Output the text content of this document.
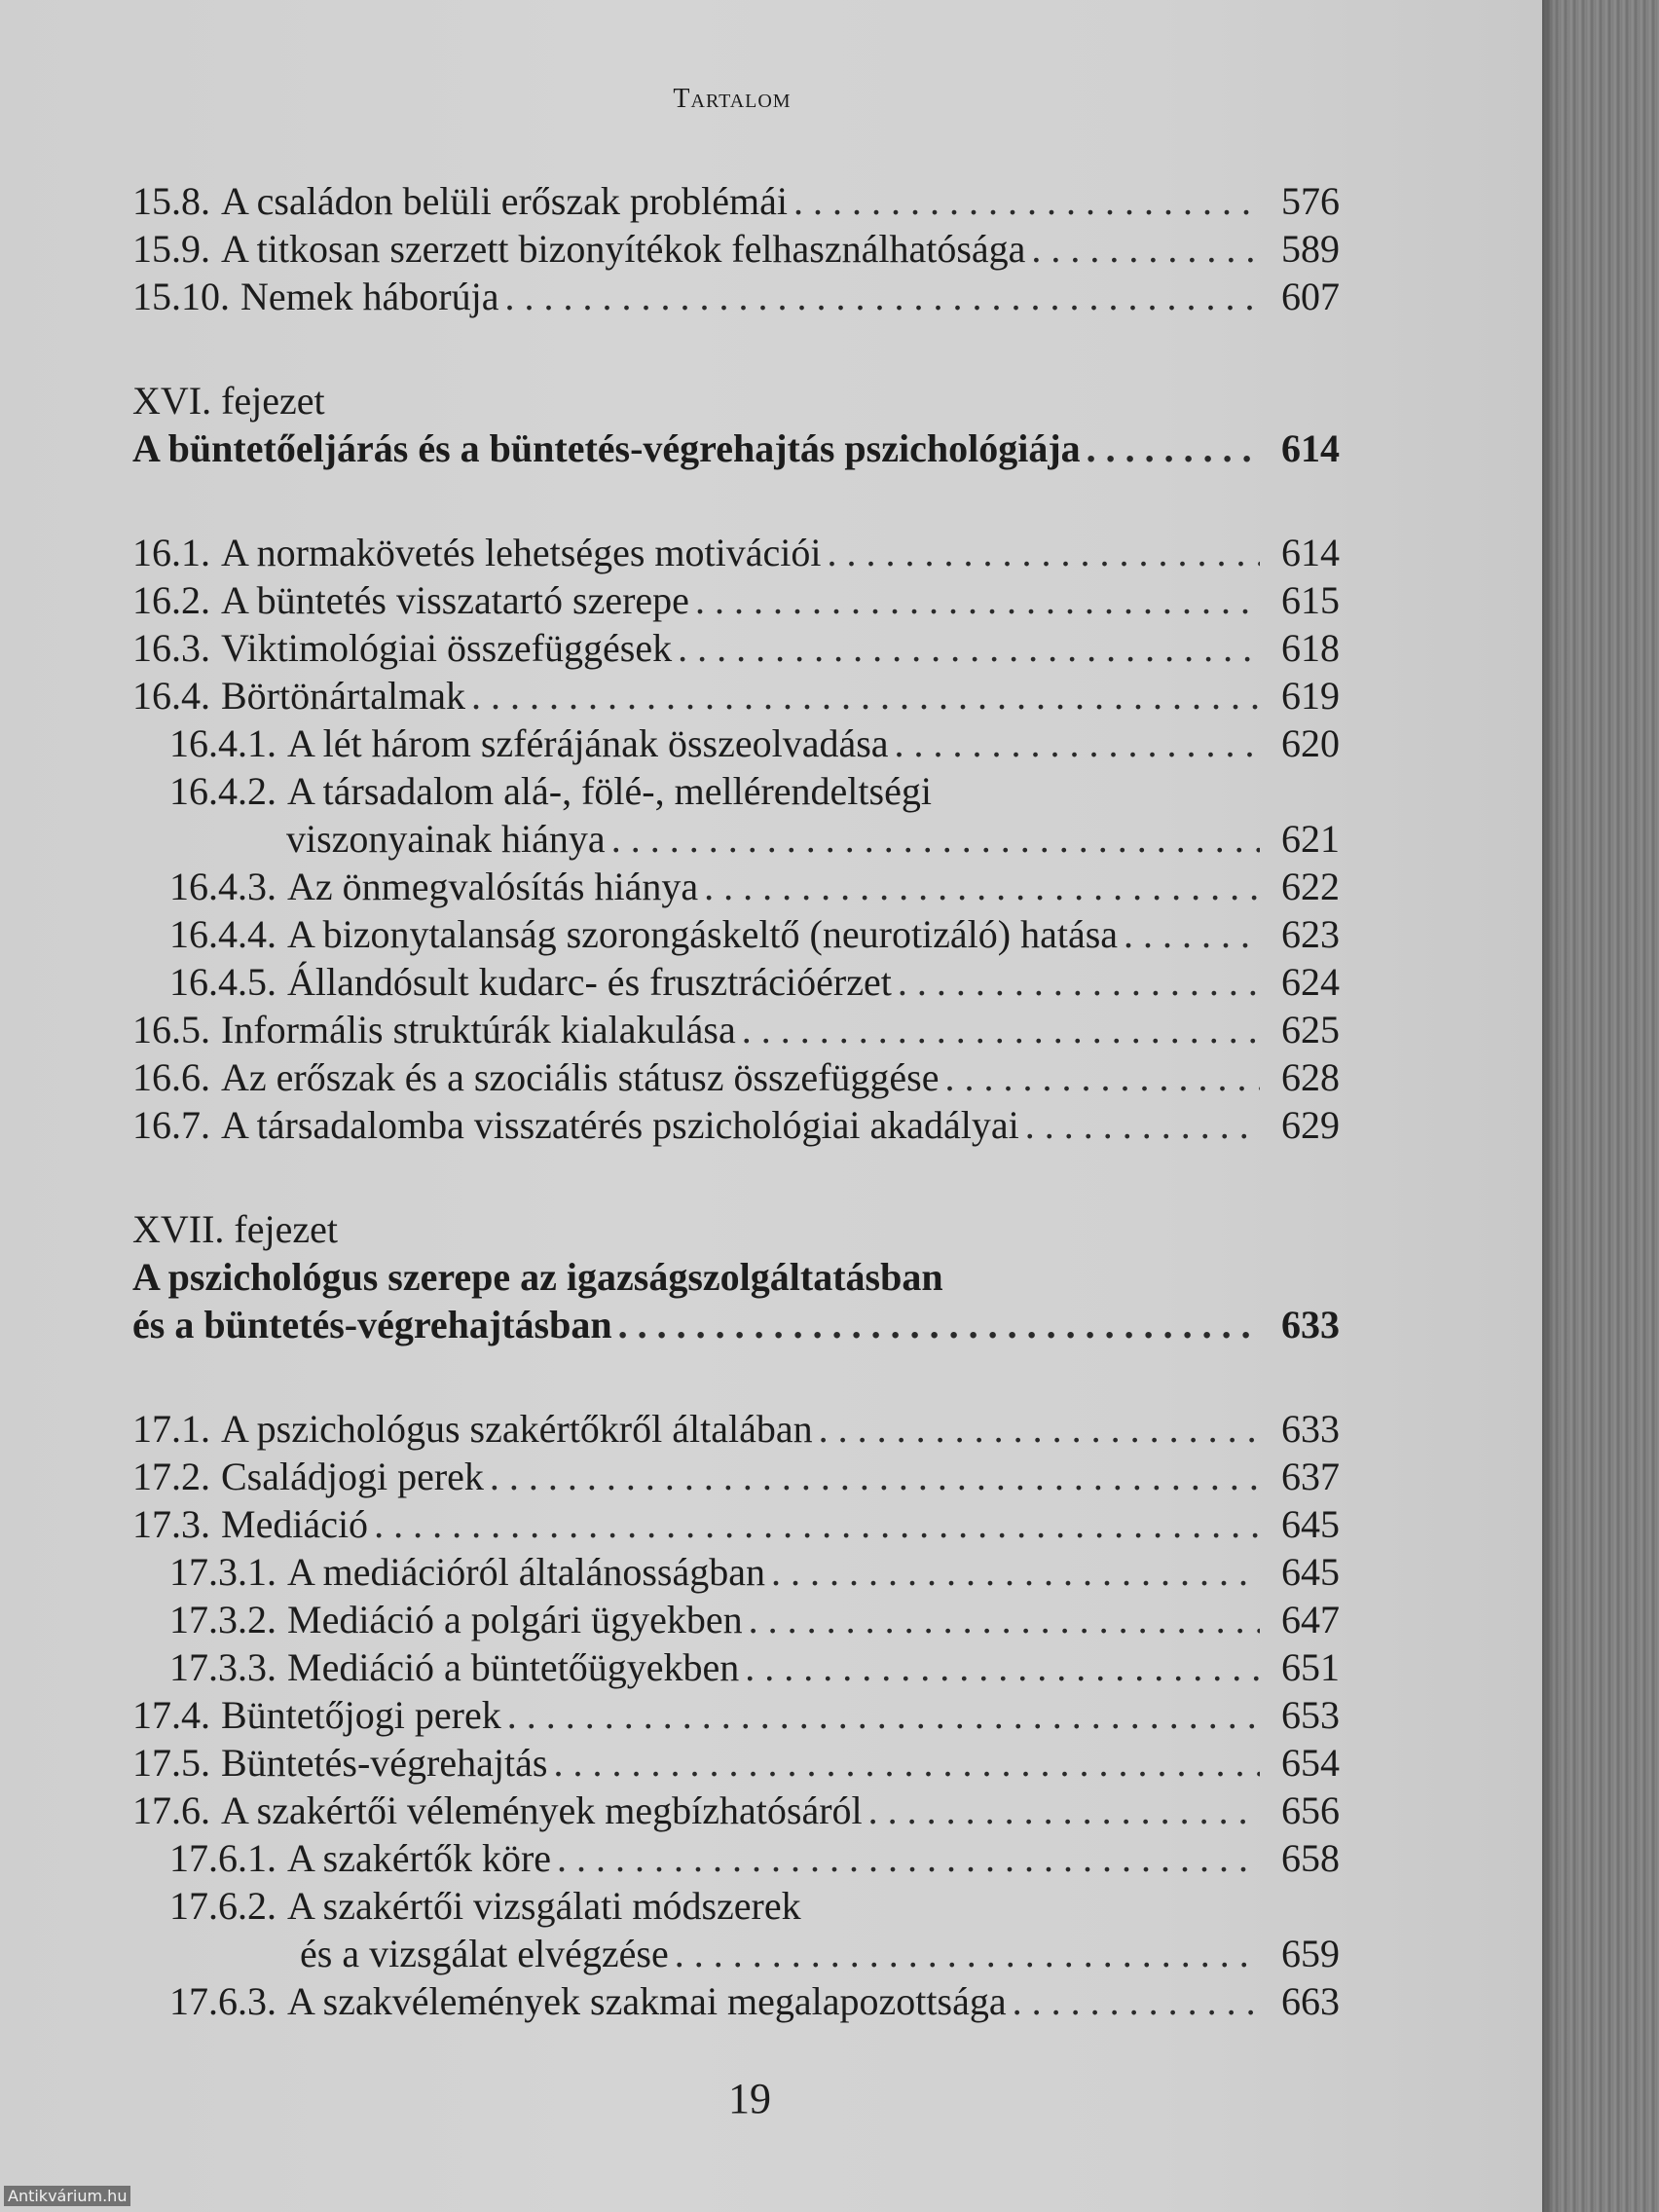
Tartalom
15.8. A családon belüli erőszak problémái . . .	576
15.9. A titkosan szerzett bizonyítékok felhasználhatósága . . .	589
15.10. Nemek háborúja . . .	607
XVI. fejezet
A büntetőeljárás és a büntetés-végrehajtás pszichológiája . . .	614
16.1. A normakövetés lehetséges motivációi . . .	614
16.2. A büntetés visszatartó szerepe . . .	615
16.3. Viktimológiai összefüggések . . .	618
16.4. Börtönártalmak . . .	619
16.4.1. A lét három szférájának összeolvadása . . .	620
16.4.2. A társadalom alá-, fölé-, mellérendeltségi
viszonyainak hiánya . . .	621
16.4.3. Az önmegvalósítás hiánya . . .	622
16.4.4. A bizonytalanság szorongáskeltő (neurotizáló) hatása . . .	623
16.4.5. Állandósult kudarc- és frusztrációérzet . . .	624
16.5. Informális struktúrák kialakulása . . .	625
16.6. Az erőszak és a szociális státusz összefüggése . . .	628
16.7. A társadalomba visszatérés pszichológiai akadályai . . .	629
XVII. fejezet
A pszichológus szerepe az igazságszolgáltatásban
és a büntetés-végrehajtásban . . .	633
17.1. A pszichológus szakértőkről általában . . .	633
17.2. Családjogi perek . . .	637
17.3. Mediáció . . .	645
17.3.1. A mediációról általánosságban . . .	645
17.3.2. Mediáció a polgári ügyekben . . .	647
17.3.3. Mediáció a büntetőügyekben . . .	651
17.4. Büntetőjogi perek . . .	653
17.5. Büntetés-végrehajtás . . .	654
17.6. A szakértői vélemények megbízhatósáról . . .	656
17.6.1. A szakértők köre . . .	658
17.6.2. A szakértői vizsgálati módszerek
és a vizsgálat elvégzése . . .	659
17.6.3. A szakvélemények szakmai megalapozottsága . . .	663
19
Antikvárium.hu
